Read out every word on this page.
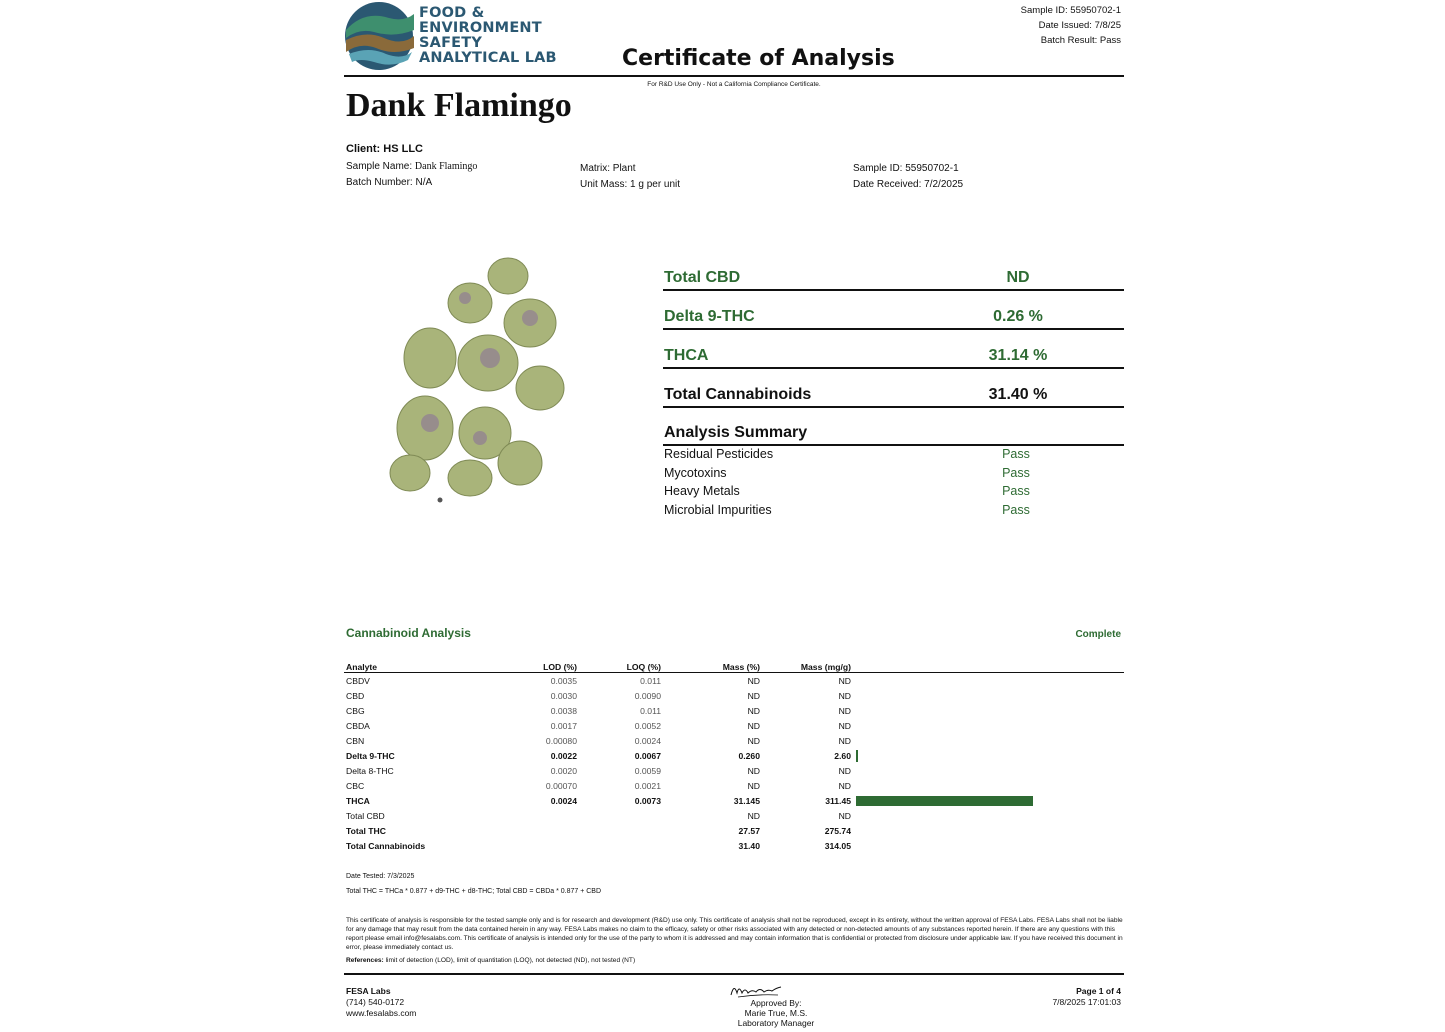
FOOD &
ENVIRONMENT
SAFETY
ANALYTICAL LAB	Certificate of Analysis
Sample ID: 55950702-1
Date Issued: 7/8/25
Batch Result: Pass
For R&D Use Only - Not a California Compliance Certificate.
Dank Flamingo
Client: HS LLC
Sample Name: Dank Flamingo
Batch Number: N/A
Matrix: Plant
Unit Mass: 1 g per unit
Sample ID: 55950702-1
Date Received: 7/2/2025
Total CBD	ND
Delta 9-THC	0.26 %
THCA	31.14 %
Total Cannabinoids	31.40 %
Analysis Summary
Residual Pesticides	Pass
Mycotoxins	Pass
Heavy Metals	Pass
Microbial Impurities	Pass
Cannabinoid Analysis	Complete
Analyte	LOD (%)	LOQ (%)	Mass (%)	Mass (mg/g)	
CBDV	0.0035	0.011	ND	ND	
CBD	0.0030	0.0090	ND	ND	
CBG	0.0038	0.011	ND	ND	
CBDA	0.0017	0.0052	ND	ND	
CBN	0.00080	0.0024	ND	ND	
Delta 9-THC	0.0022	0.0067	0.260	2.60	

Delta 8-THC	0.0020	0.0059	ND	ND	
CBC	0.00070	0.0021	ND	ND	
THCA	0.0024	0.0073	31.145	311.45	

Total CBD			ND	ND	
Total THC			27.57	275.74	
Total Cannabinoids			31.40	314.05	
Date Tested: 7/3/2025
Total THC = THCa * 0.877 + d9-THC + d8-THC; Total CBD = CBDa * 0.877 + CBD
This certificate of analysis is responsible for the tested sample only and is for research and development (R&D) use only. This certificate of analysis shall not be reproduced, except in its entirety, without the written approval of FESA Labs. FESA Labs shall not be liable for any damage that may result from the data contained herein in any way. FESA Labs makes no claim to the efficacy, safety or other risks associated with any detected or non-detected amounts of any substances reported herein. If there are any questions with this report please email info@fesalabs.com. This certificate of analysis is intended only for the use of the party to whom it is addressed and may contain information that is confidential or protected from disclosure under applicable law. If you have received this document in error, please immediately contact us.
References: limit of detection (LOD), limit of quantitation (LOQ), not detected (ND), not tested (NT)
FESA Labs
(714) 540-0172
www.fesalabs.com
Approved By:
Marie True, M.S.
Laboratory Manager
Page 1 of 4
7/8/2025 17:01:03
